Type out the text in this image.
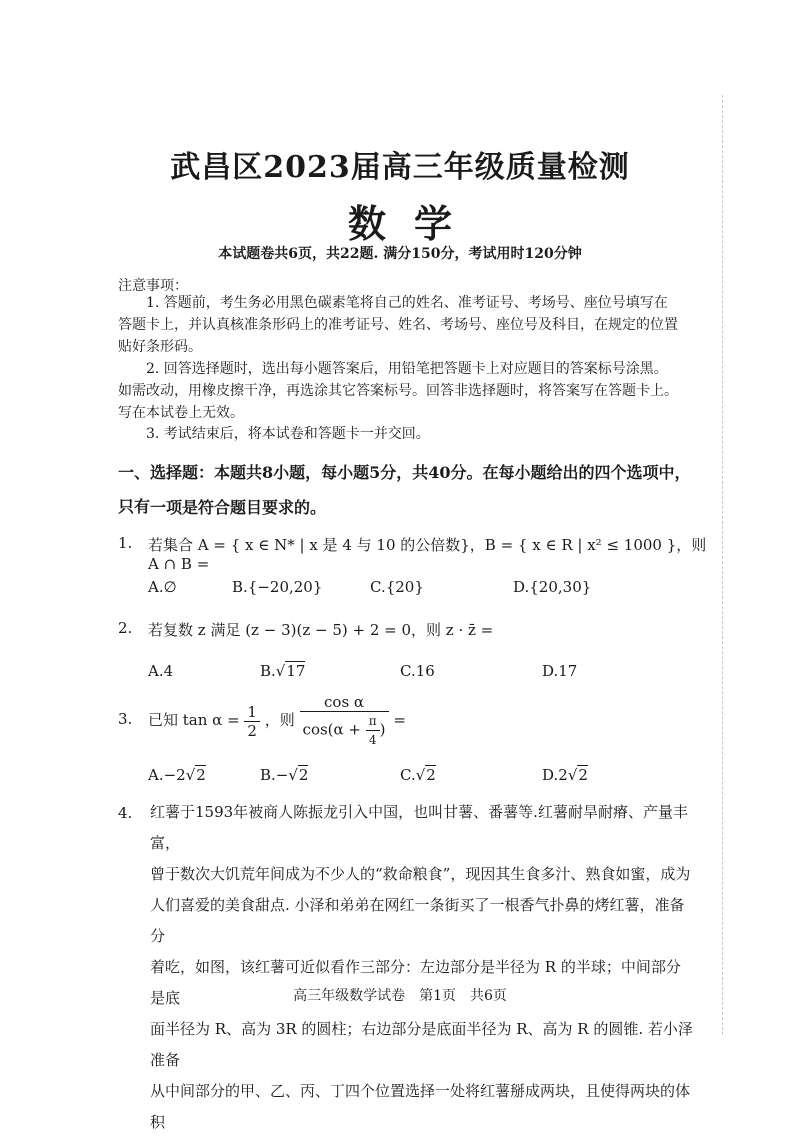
武昌区2023届高三年级质量检测
数学
本试题卷共6页，共22题. 满分150分，考试用时120分钟
注意事项：
1. 答题前，考生务必用黑色碳素笔将自己的姓名、准考证号、考场号、座位号填写在答题卡上，并认真核准条形码上的准考证号、姓名、考场号、座位号及科目，在规定的位置贴好条形码。
2. 回答选择题时，选出每小题答案后，用铅笔把答题卡上对应题目的答案标号涂黑。如需改动，用橡皮擦干净，再选涂其它答案标号。回答非选择题时，将答案写在答题卡上。写在本试卷上无效。
3. 考试结束后，将本试卷和答题卡一并交回。
一、选择题：本题共8小题，每小题5分，共40分。在每小题给出的四个选项中，只有 一项是符合题目要求的。
1. 若集合 A = { x ∈ N* | x 是 4 与 10 的公倍数}，B = { x ∈ R | x² ≤ 1000 }，则 A ∩ B =
A.∅	B.{−20,20}	C.{20}	D.{20,30}
2. 若复数 z 满足 (z − 3)(z − 5) + 2 = 0，则 z · z̄ =
A.4	B.√17	C.16	D.17
3. 已知 $\tan \alpha = \frac{1}{2}$ ，则 $\frac{\text{cos α}}{\cos(\alpha + \frac{\pi}{4} )}$ =
A.−2√2	B.−√2	C.√2	D.2√2
4. 红薯于1593年被商人陈振龙引入中国，也叫甘薯、番薯等.红薯耐旱耐瘠、产量丰富，
曾于数次大饥荒年间成为不少人的“救命粮食”，现因其生食多汁、熟食如蜜，成为
人们喜爱的美食甜点. 小泽和弟弟在网红一条街买了一根香气扑鼻的烤红薯，准备分
着吃，如图，该红薯可近似看作三部分：左边部分是半径为 R 的半球；中间部分是底
面半径为 R、高为 3R 的圆柱；右边部分是底面半径为 R、高为 R 的圆锥. 若小泽准备
从中间部分的甲、乙、丙、丁四个位置选择一处将红薯掰成两块，且使得两块的体积
高三年级数学试卷　第1页　共6页
